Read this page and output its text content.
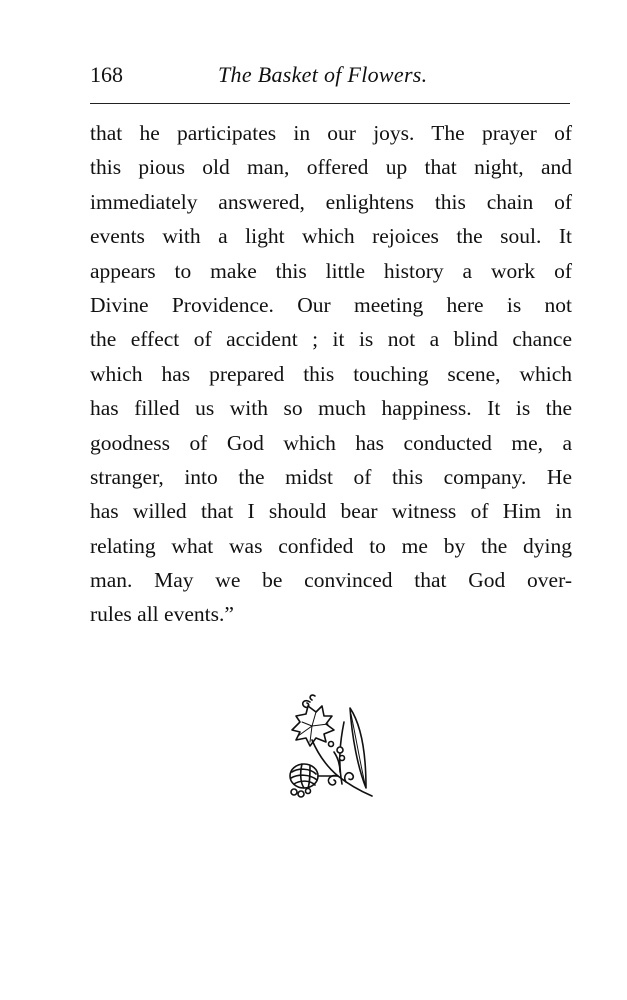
168	The Basket of Flowers.
that he participates in our joys. The prayer of
this pious old man, offered up that night, and
immediately answered, enlightens this chain of
events with a light which rejoices the soul. It
appears to make this little history a work of
Divine Providence. Our meeting here is not
the effect of accident ; it is not a blind chance
which has prepared this touching scene, which
has filled us with so much happiness. It is the
goodness of God which has conducted me, a
stranger, into the midst of this company. He
has willed that I should bear witness of Him in
relating what was confided to me by the dying
man. May we be convinced that God over-
rules all events.”
